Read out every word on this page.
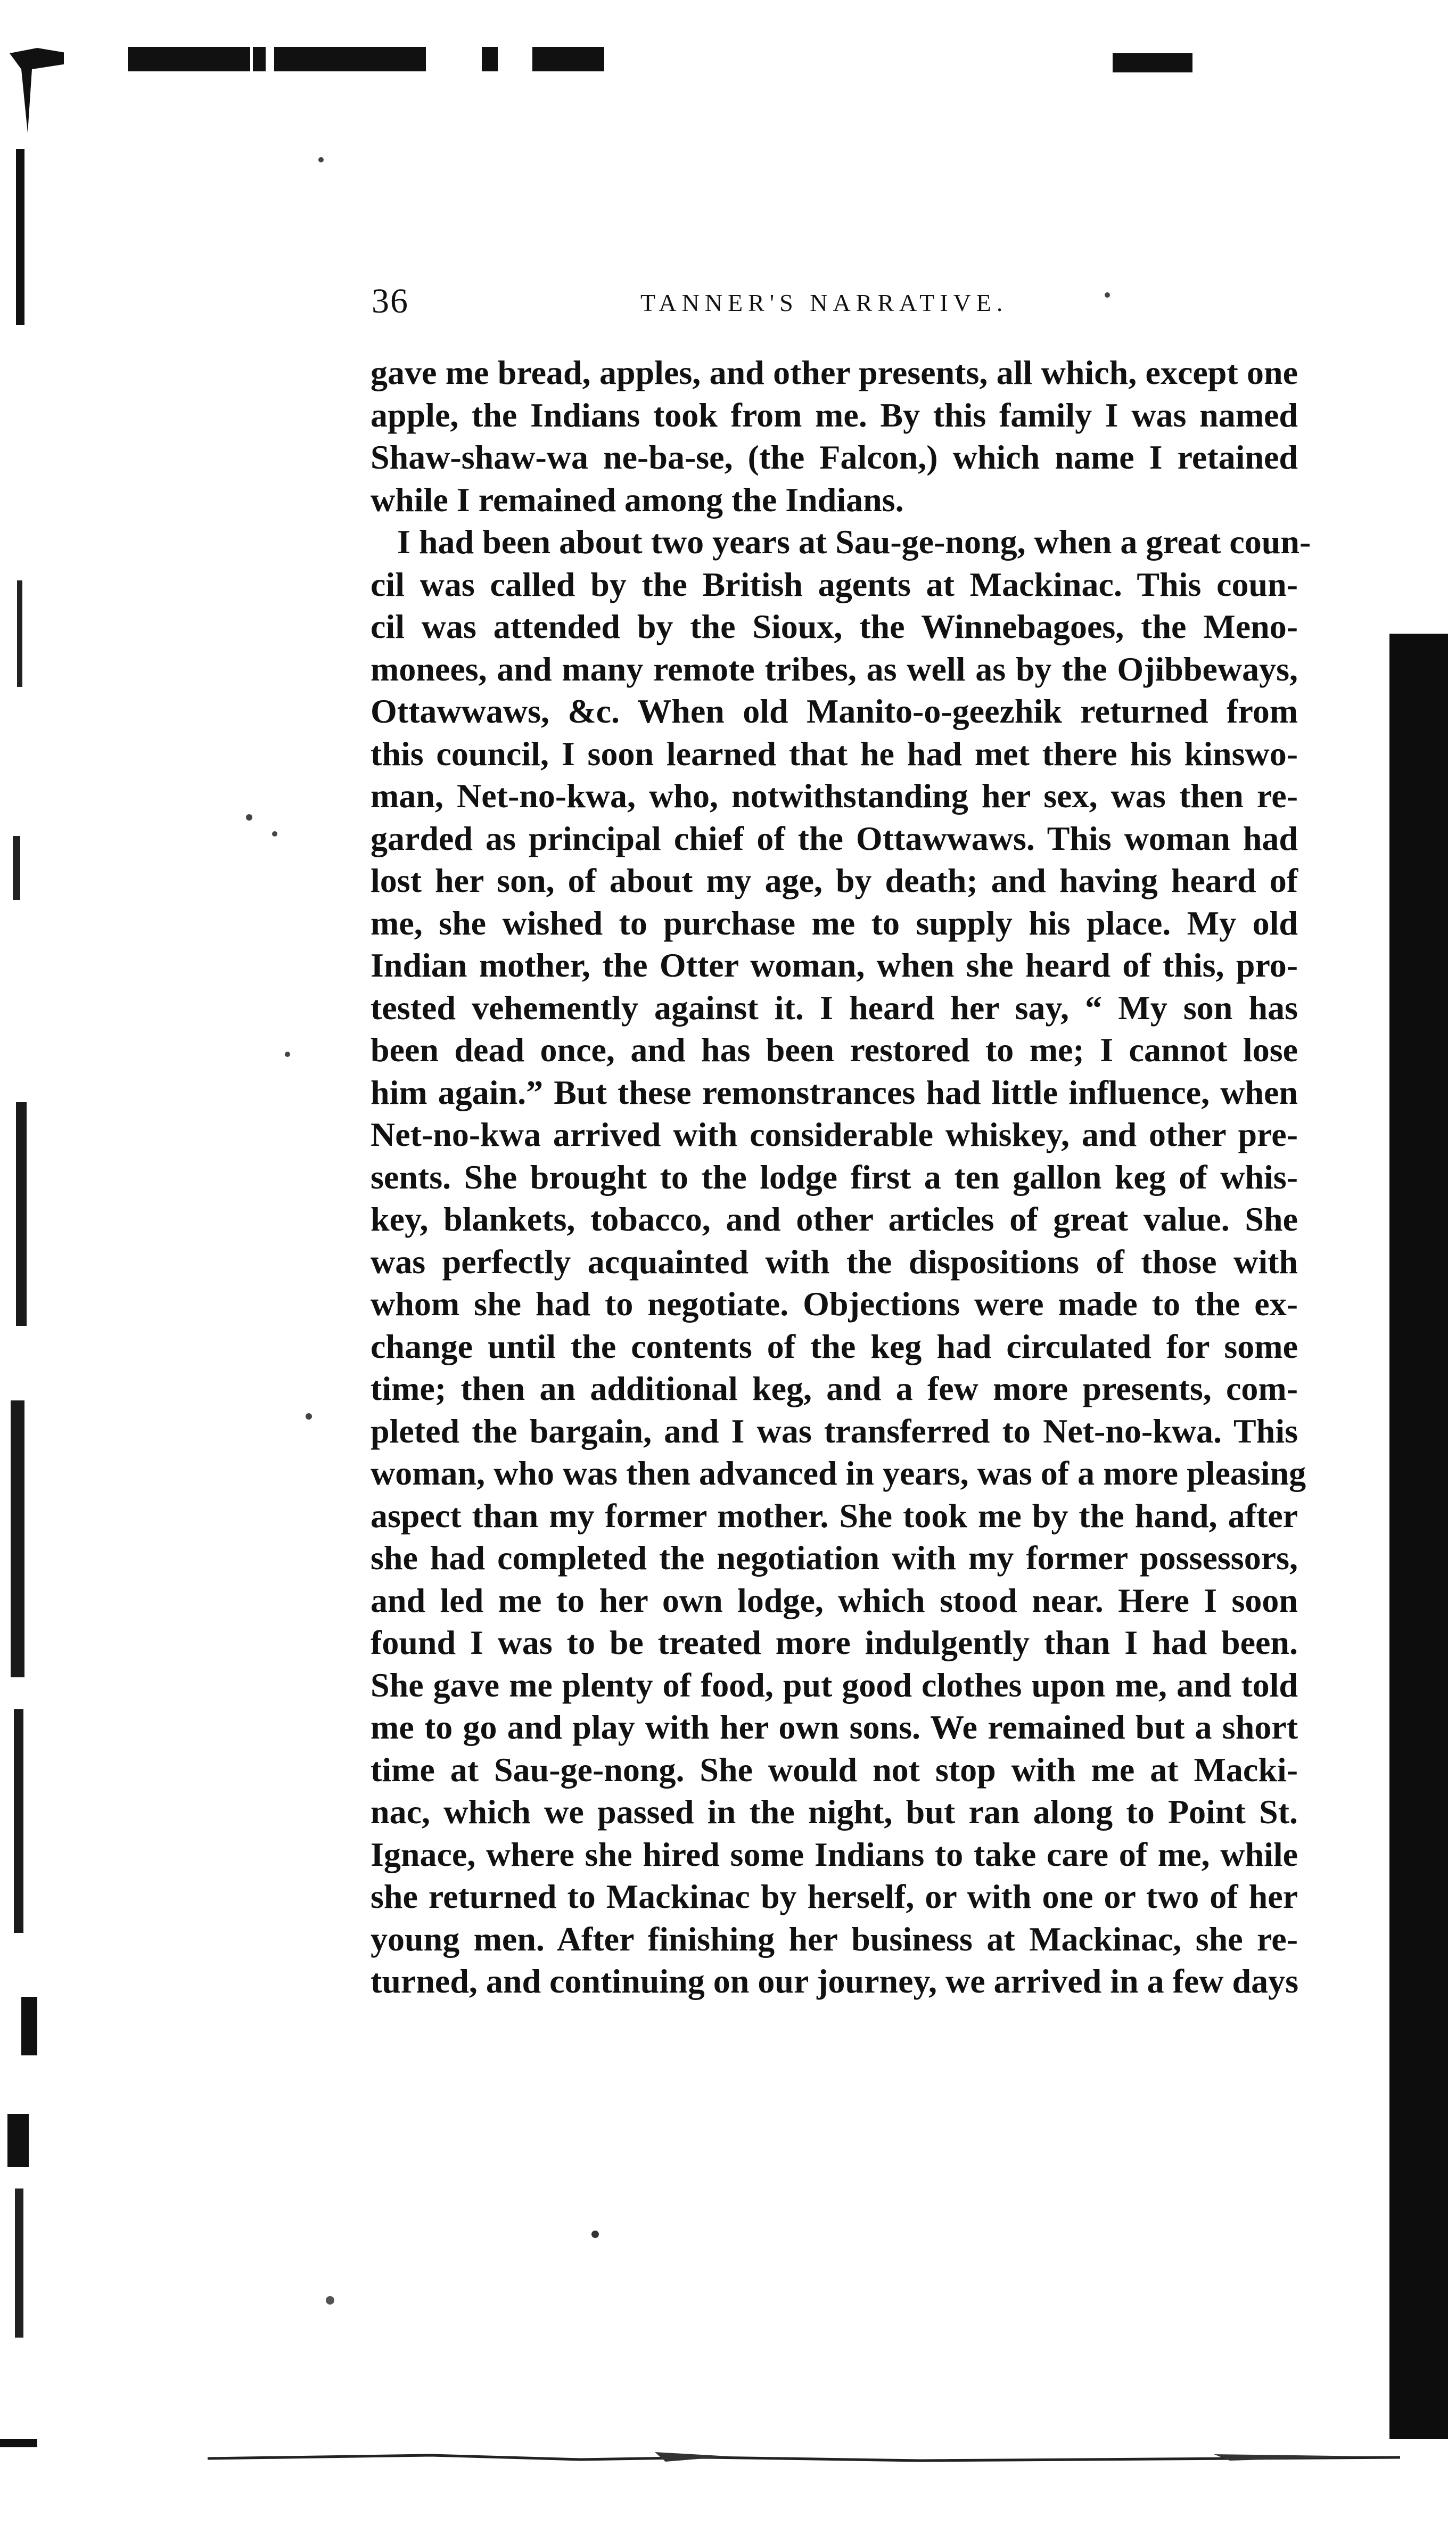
36	TANNER'S NARRATIVE.
gave me bread, apples, and other presents, all which, except one
apple, the Indians took from me. By this family I was named
Shaw-shaw-wa ne-ba-se, (the Falcon,) which name I retained
while I remained among the Indians.
I had been about two years at Sau-ge-nong, when a great coun-
cil was called by the British agents at Mackinac. This coun-
cil was attended by the Sioux, the Winnebagoes, the Meno-
monees, and many remote tribes, as well as by the Ojibbeways,
Ottawwaws, &c. When old Manito-o-geezhik returned from
this council, I soon learned that he had met there his kinswo-
man, Net-no-kwa, who, notwithstanding her sex, was then re-
garded as principal chief of the Ottawwaws. This woman had
lost her son, of about my age, by death; and having heard of
me, she wished to purchase me to supply his place. My old
Indian mother, the Otter woman, when she heard of this, pro-
tested vehemently against it. I heard her say, “ My son has
been dead once, and has been restored to me; I cannot lose
him again.” But these remonstrances had little influence, when
Net-no-kwa arrived with considerable whiskey, and other pre-
sents. She brought to the lodge first a ten gallon keg of whis-
key, blankets, tobacco, and other articles of great value. She
was perfectly acquainted with the dispositions of those with
whom she had to negotiate. Objections were made to the ex-
change until the contents of the keg had circulated for some
time; then an additional keg, and a few more presents, com-
pleted the bargain, and I was transferred to Net-no-kwa. This
woman, who was then advanced in years, was of a more pleasing
aspect than my former mother. She took me by the hand, after
she had completed the negotiation with my former possessors,
and led me to her own lodge, which stood near. Here I soon
found I was to be treated more indulgently than I had been.
She gave me plenty of food, put good clothes upon me, and told
me to go and play with her own sons. We remained but a short
time at Sau-ge-nong. She would not stop with me at Macki-
nac, which we passed in the night, but ran along to Point St.
Ignace, where she hired some Indians to take care of me, while
she returned to Mackinac by herself, or with one or two of her
young men. After finishing her business at Mackinac, she re-
turned, and continuing on our journey, we arrived in a few days
